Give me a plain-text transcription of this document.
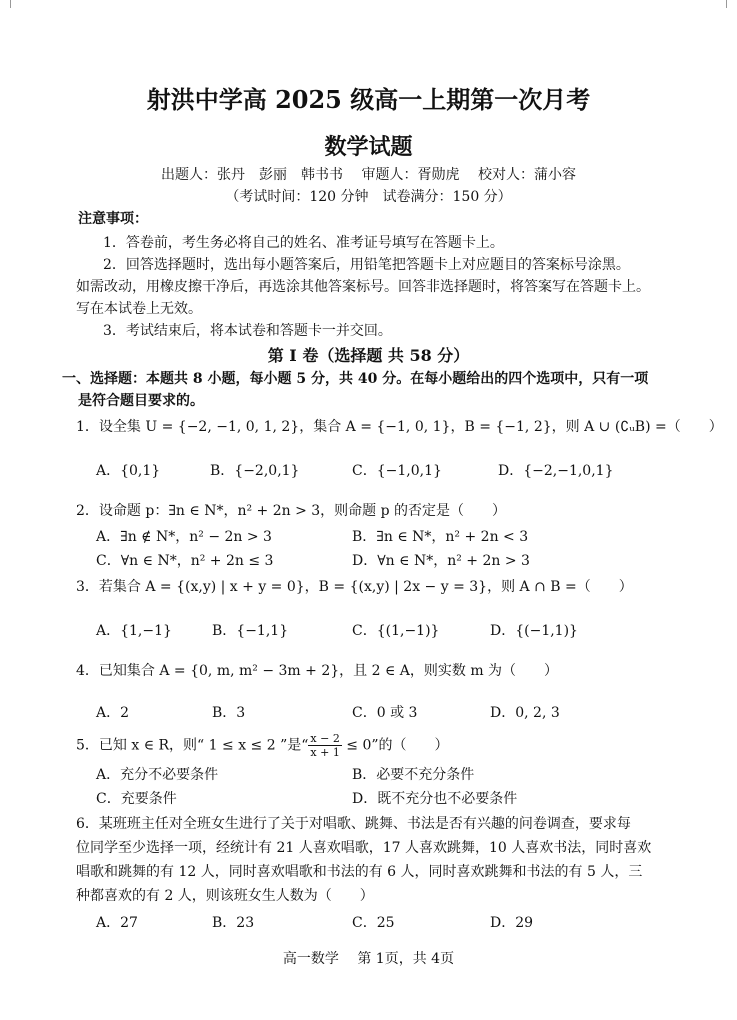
射洪中学高 2025 级高一上期第一次月考
数学试题
出题人：张丹　彭丽　韩书书　 审题人：胥勋虎　 校对人：蒲小容
（考试时间：120 分钟　试卷满分：150 分）
注意事项：
1．答卷前，考生务必将自己的姓名、准考证号填写在答题卡上。
2．回答选择题时，选出每小题答案后，用铅笔把答题卡上对应题目的答案标号涂黑。
如需改动，用橡皮擦干净后，再选涂其他答案标号。回答非选择题时，将答案写在答题卡上。
写在本试卷上无效。
3．考试结束后，将本试卷和答题卡一并交回。
第 I 卷（选择题 共 58 分）
一、选择题：本题共 8 小题，每小题 5 分，共 40 分。在每小题给出的四个选项中，只有一项
是符合题目要求的。
1．设全集 U = {−2, −1, 0, 1, 2}，集合 A = {−1, 0, 1}，B = {−1, 2}，则 A ∪ (∁ᵤB) =（　　）
A．{0,1}	B．{−2,0,1}	C．{−1,0,1}	D．{−2,−1,0,1}
2．设命题 p：∃n ∈ N*，n² + 2n > 3，则命题 p 的否定是（　　）
A．∃n ∉ N*，n² − 2n > 3	B．∃n ∈ N*，n² + 2n < 3
C．∀n ∈ N*，n² + 2n ≤ 3	D．∀n ∈ N*，n² + 2n > 3
3．若集合 A = {(x,y) | x + y = 0}，B = {(x,y) | 2x − y = 3}，则 A ∩ B =（　　）
A．{1,−1}	B．{−1,1}	C．{(1,−1)}	D．{(−1,1)}
4．已知集合 A = {0, m, m² − 3m + 2}，且 2 ∈ A，则实数 m 为（　　）
A．2	B．3	C．0 或 3	D．0, 2, 3
5．已知 x ∈ R，则“ 1 ≤ x ≤ 2 ”是“ $\frac{x - 2}{x + 1} \le 0$”的（　　）
A．充分不必要条件	B．必要不充分条件
C．充要条件	D．既不充分也不必要条件
6．某班班主任对全班女生进行了关于对唱歌、跳舞、书法是否有兴趣的问卷调查，要求每
位同学至少选择一项，经统计有 21 人喜欢唱歌，17 人喜欢跳舞，10 人喜欢书法，同时喜欢
唱歌和跳舞的有 12 人，同时喜欢唱歌和书法的有 6 人，同时喜欢跳舞和书法的有 5 人，三
种都喜欢的有 2 人，则该班女生人数为（　　）
A．27	B．23	C．25	D．29
高一数学　 第 1页，共 4页
